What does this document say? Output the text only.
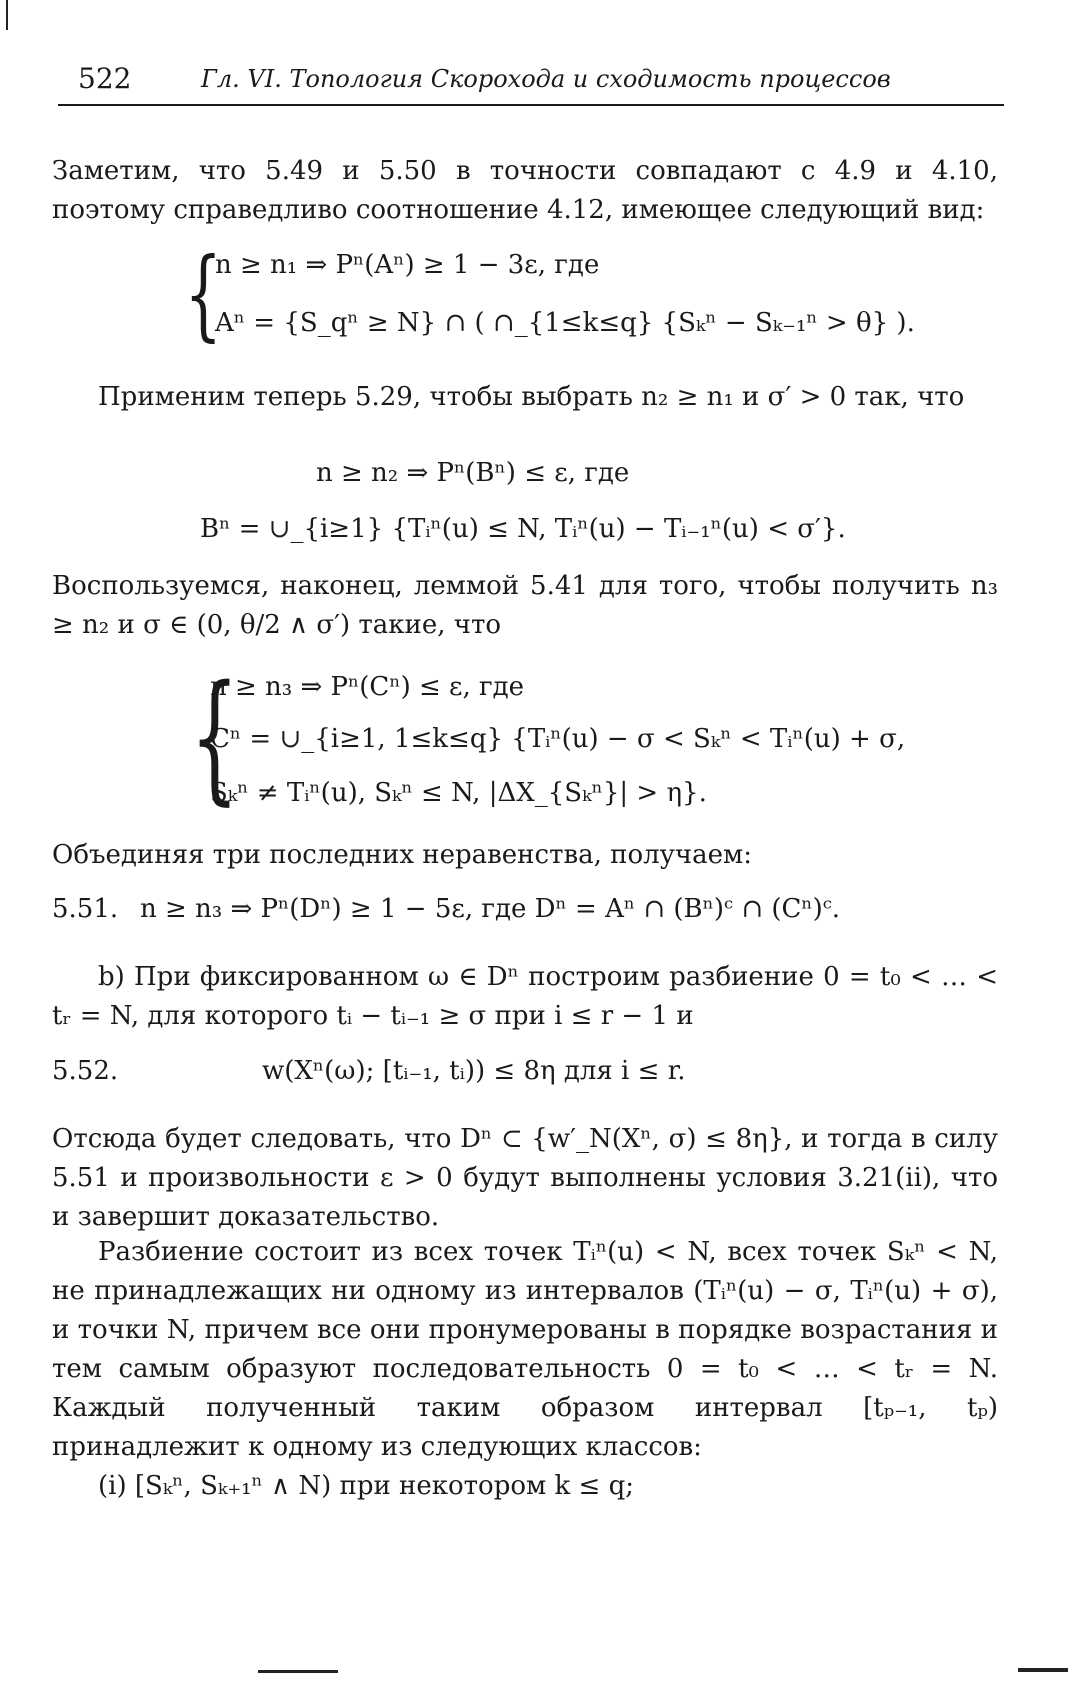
522	Гл. VI. Топология Скорохода и сходимость процессов

Заметим, что 5.49 и 5.50 в точности совпадают с 4.9 и 4.10, поэтому справедливо соотношение 4.12, имеющее следующий вид:

{
n ≥ n₁ ⇒ Pⁿ(Aⁿ) ≥ 1 − 3ε, где
Aⁿ = {S_qⁿ ≥ N} ∩ ( ∩_{1≤k≤q} {Sₖⁿ − Sₖ₋₁ⁿ > θ} ).

Применим теперь 5.29, чтобы выбрать n₂ ≥ n₁ и σ′ > 0 так, что

n ≥ n₂ ⇒ Pⁿ(Bⁿ) ≤ ε, где
Bⁿ = ∪_{i≥1} {Tᵢⁿ(u) ≤ N, Tᵢⁿ(u) − Tᵢ₋₁ⁿ(u) < σ′}.

Воспользуемся, наконец, леммой 5.41 для того, чтобы получить n₃ ≥ n₂ и σ ∈ (0, θ/2 ∧ σ′) такие, что

{
n ≥ n₃ ⇒ Pⁿ(Cⁿ) ≤ ε, где
Cⁿ = ∪_{i≥1, 1≤k≤q} {Tᵢⁿ(u) − σ < Sₖⁿ < Tᵢⁿ(u) + σ,
Sₖⁿ ≠ Tᵢⁿ(u), Sₖⁿ ≤ N, |ΔX_{Sₖⁿ}| > η}.

Объединяя три последних неравенства, получаем:

5.51. n ≥ n₃ ⇒ Pⁿ(Dⁿ) ≥ 1 − 5ε, где Dⁿ = Aⁿ ∩ (Bⁿ)ᶜ ∩ (Cⁿ)ᶜ.

b) При фиксированном ω ∈ Dⁿ построим разбиение 0 = t₀ < … < tᵣ = N, для которого tᵢ − tᵢ₋₁ ≥ σ при i ≤ r − 1 и

5.52.	w(Xⁿ(ω); [tᵢ₋₁, tᵢ)) ≤ 8η для i ≤ r.

Отсюда будет следовать, что Dⁿ ⊂ {w′_N(Xⁿ, σ) ≤ 8η}, и тогда в силу 5.51 и произвольности ε > 0 будут выполнены условия 3.21(ii), что и завершит доказательство.

Разбиение состоит из всех точек Tᵢⁿ(u) < N, всех точек Sₖⁿ < N, не принадлежащих ни одному из интервалов (Tᵢⁿ(u) − σ, Tᵢⁿ(u) + σ), и точки N, причем все они пронумерованы в порядке возрастания и тем самым образуют последовательность 0 = t₀ < … < tᵣ = N. Каждый полученный таким образом интервал [tₚ₋₁, tₚ) принадлежит к одному из следующих классов:

(i) [Sₖⁿ, Sₖ₊₁ⁿ ∧ N) при некотором k ≤ q;
